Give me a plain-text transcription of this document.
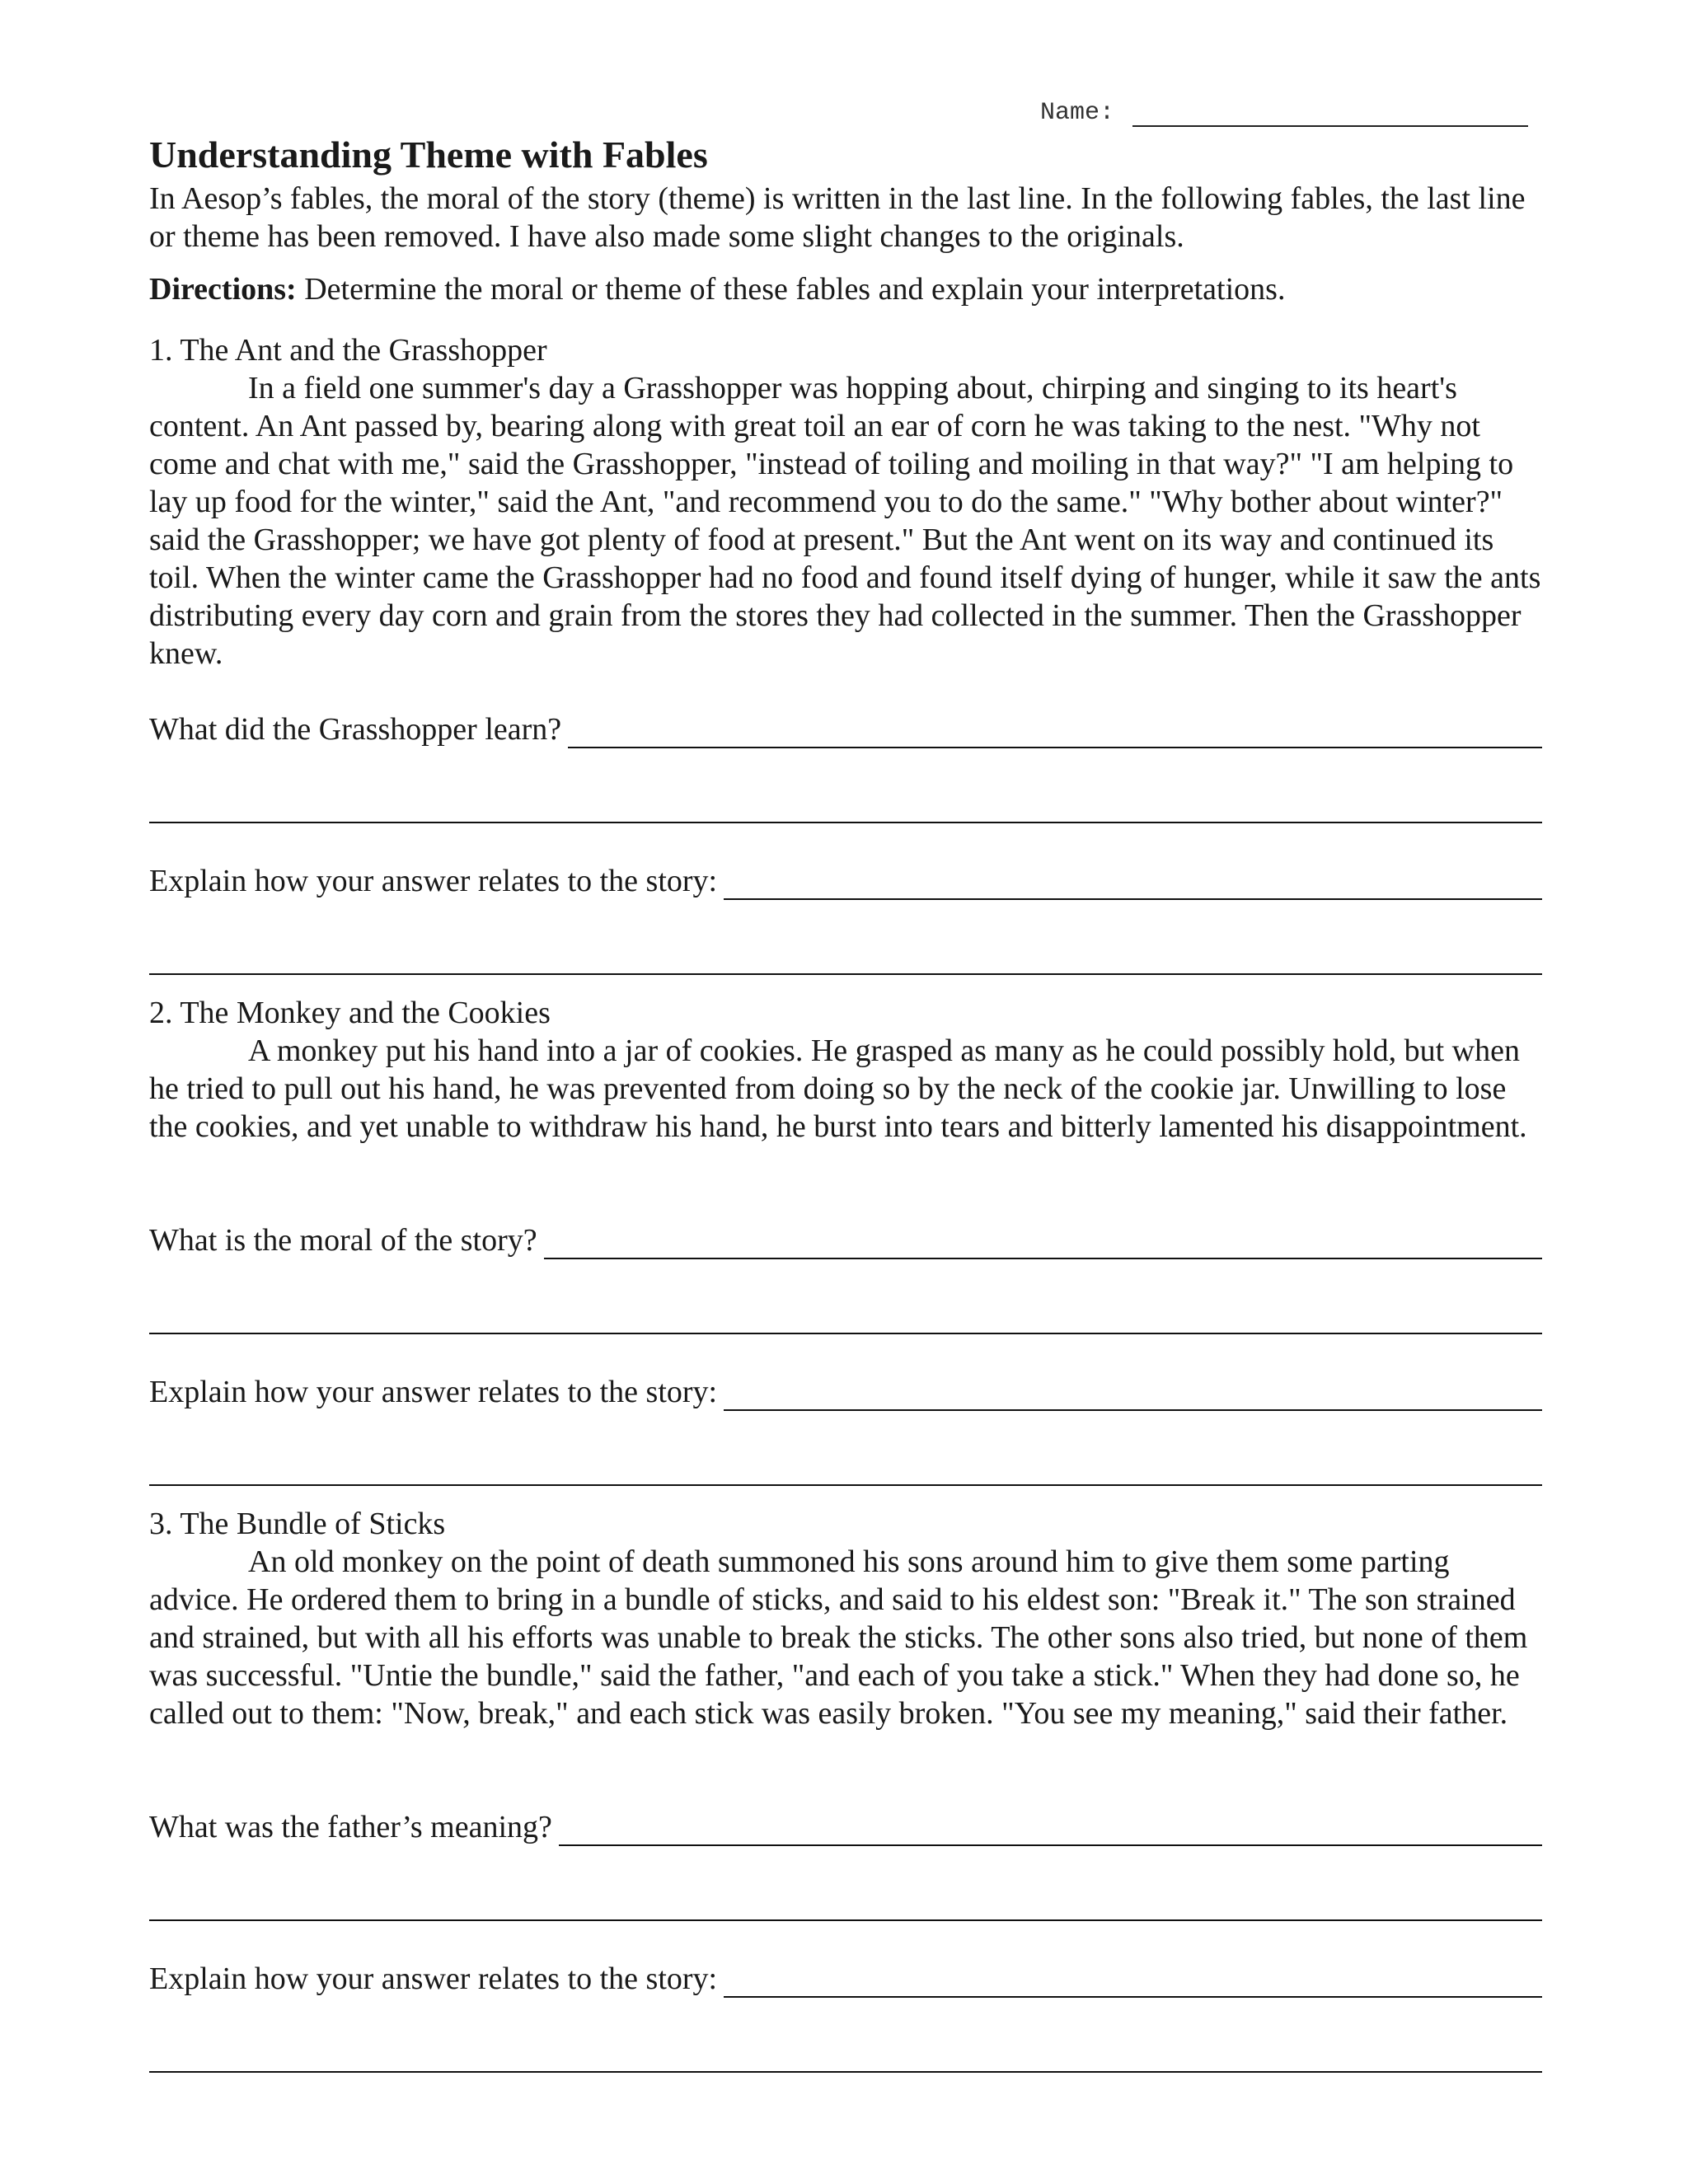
Name:
Understanding Theme with Fables

In Aesop’s fables, the moral of the story (theme) is written in the last line. In the following fables, the last line or theme has been removed. I have also made some slight changes to the originals.

Directions: Determine the moral or theme of these fables and explain your interpretations.

1. The Ant and the Grasshopper

In a field one summer's day a Grasshopper was hopping about, chirping and singing to its heart's content. An Ant passed by, bearing along with great toil an ear of corn he was taking to the nest. "Why not come and chat with me," said the Grasshopper, "instead of toiling and moiling in that way?" "I am helping to lay up food for the winter," said the Ant, "and recommend you to do the same." "Why bother about winter?" said the Grasshopper; we have got plenty of food at present." But the Ant went on its way and continued its toil. When the winter came the Grasshopper had no food and found itself dying of hunger, while it saw the ants distributing every day corn and grain from the stores they had collected in the summer. Then the Grasshopper knew.

What did the Grasshopper learn?
Explain how your answer relates to the story:

2. The Monkey and the Cookies

A monkey put his hand into a jar of cookies. He grasped as many as he could possibly hold, but when he tried to pull out his hand, he was prevented from doing so by the neck of the cookie jar. Unwilling to lose the cookies, and yet unable to withdraw his hand, he burst into tears and bitterly lamented his disappointment.

What is the moral of the story?
Explain how your answer relates to the story:

3. The Bundle of Sticks

An old monkey on the point of death summoned his sons around him to give them some parting advice. He ordered them to bring in a bundle of sticks, and said to his eldest son: "Break it." The son strained and strained, but with all his efforts was unable to break the sticks. The other sons also tried, but none of them was successful. "Untie the bundle," said the father, "and each of you take a stick." When they had done so, he called out to them: "Now, break," and each stick was easily broken. "You see my meaning," said their father.

What was the father’s meaning?
Explain how your answer relates to the story:
